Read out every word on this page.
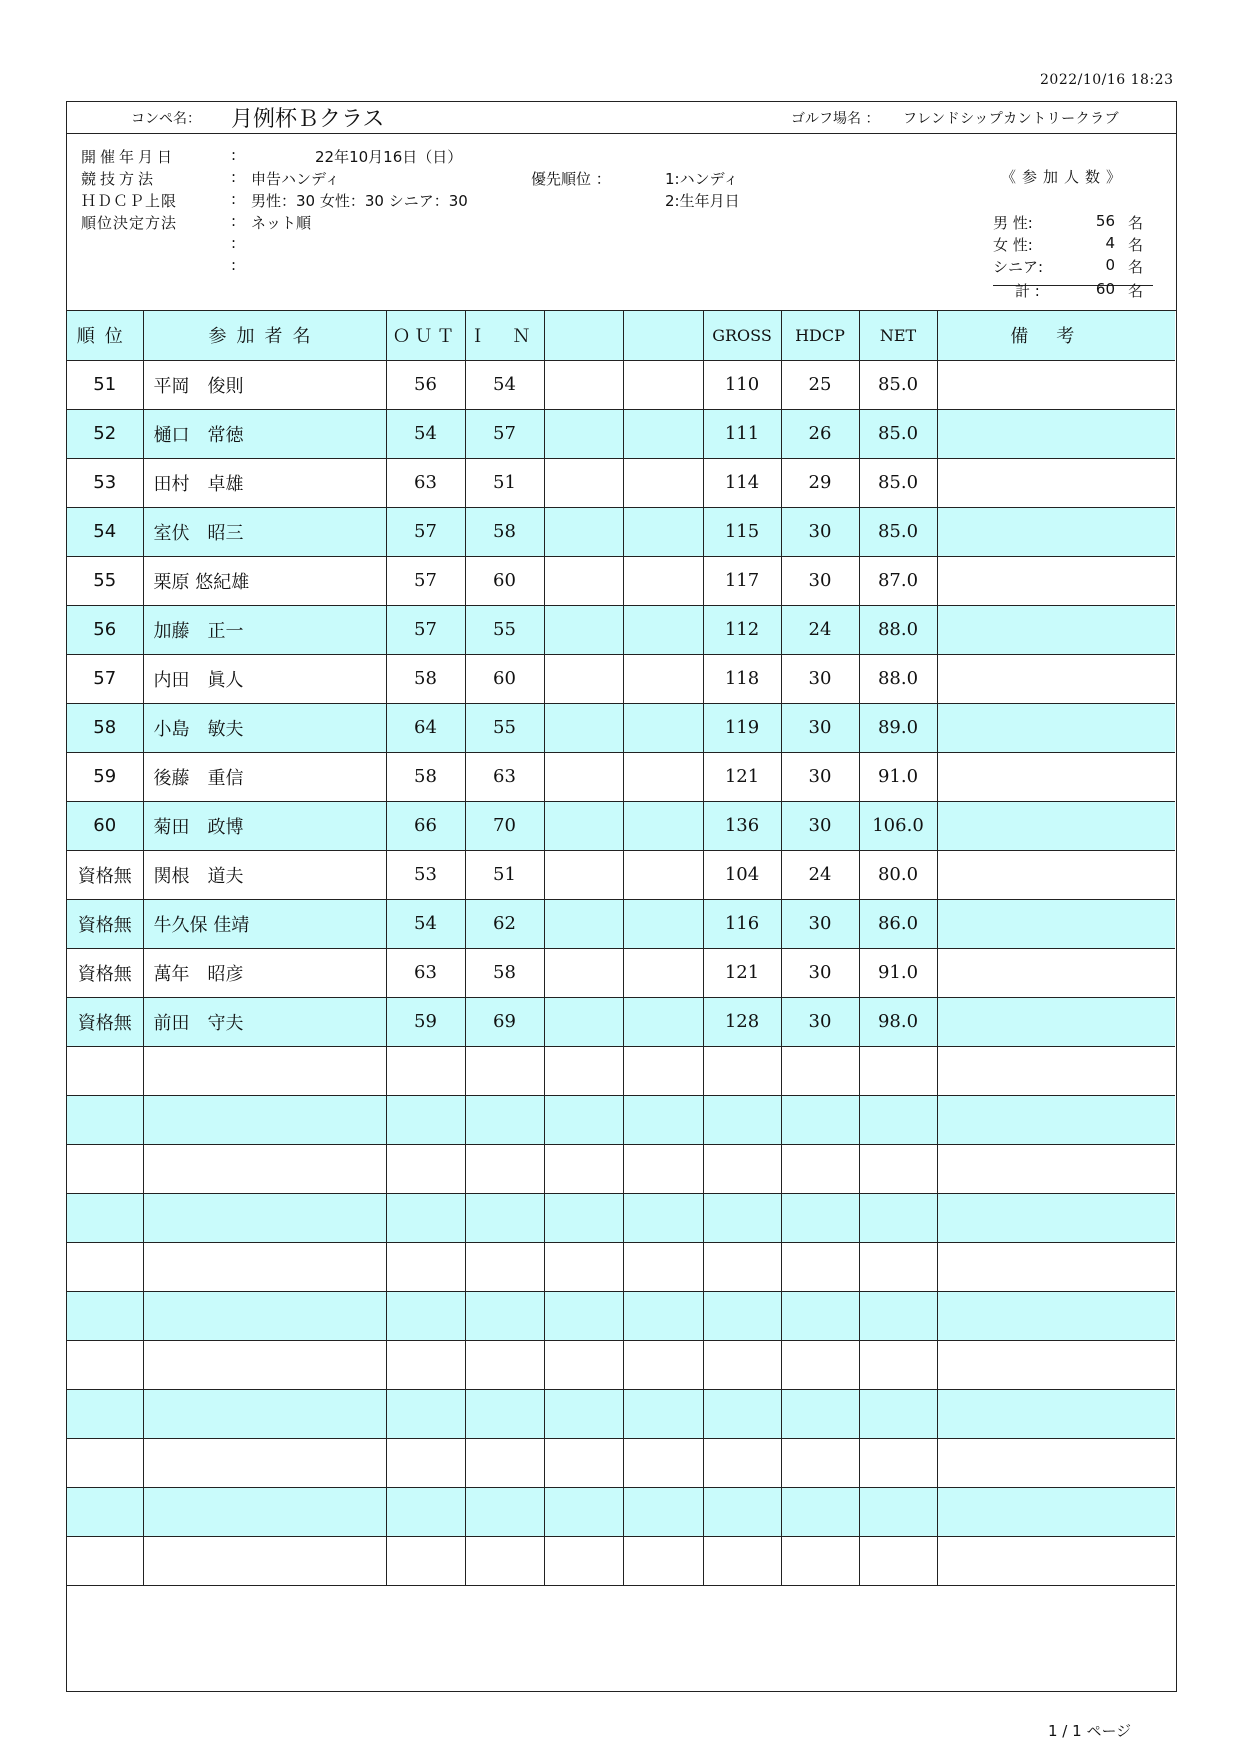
2022/10/16 18:23
コンペ名： 月例杯Ｂクラス	ゴルフ場名 ： フレンドシップカントリークラブ
開催年月日	:	22年10月16日（日）
競技方法	: 申告ハンディ	優先順位 ：	1:ハンディ
ＨＤＣＰ上限	: 男性：30 女性：30 シニア：30	2:生年月日
順位決定方法	: ネット順
:
:
《参加人数》
男 性:	56 名
女 性:	4 名
シニア:	0 名
計 :	60 名
順位	参加者名	ＯＵＴ	Ｉ Ｎ			GROSS	HDCP	NET	備考
51	平岡　俊則	56	54			110	25	85.0	
52	樋口　常徳	54	57			111	26	85.0	
53	田村　卓雄	63	51			114	29	85.0	
54	室伏　昭三	57	58			115	30	85.0	
55	栗原 悠紀雄	57	60			117	30	87.0	
56	加藤　正一	57	55			112	24	88.0	
57	内田　眞人	58	60			118	30	88.0	
58	小島　敏夫	64	55			119	30	89.0	
59	後藤　重信	58	63			121	30	91.0	
60	菊田　政博	66	70			136	30	106.0	
資格無	関根　道夫	53	51			104	24	80.0	
資格無	牛久保 佳靖	54	62			116	30	86.0	
資格無	萬年　昭彦	63	58			121	30	91.0	
資格無	前田　守夫	59	69			128	30	98.0	

1 / 1 ページ
